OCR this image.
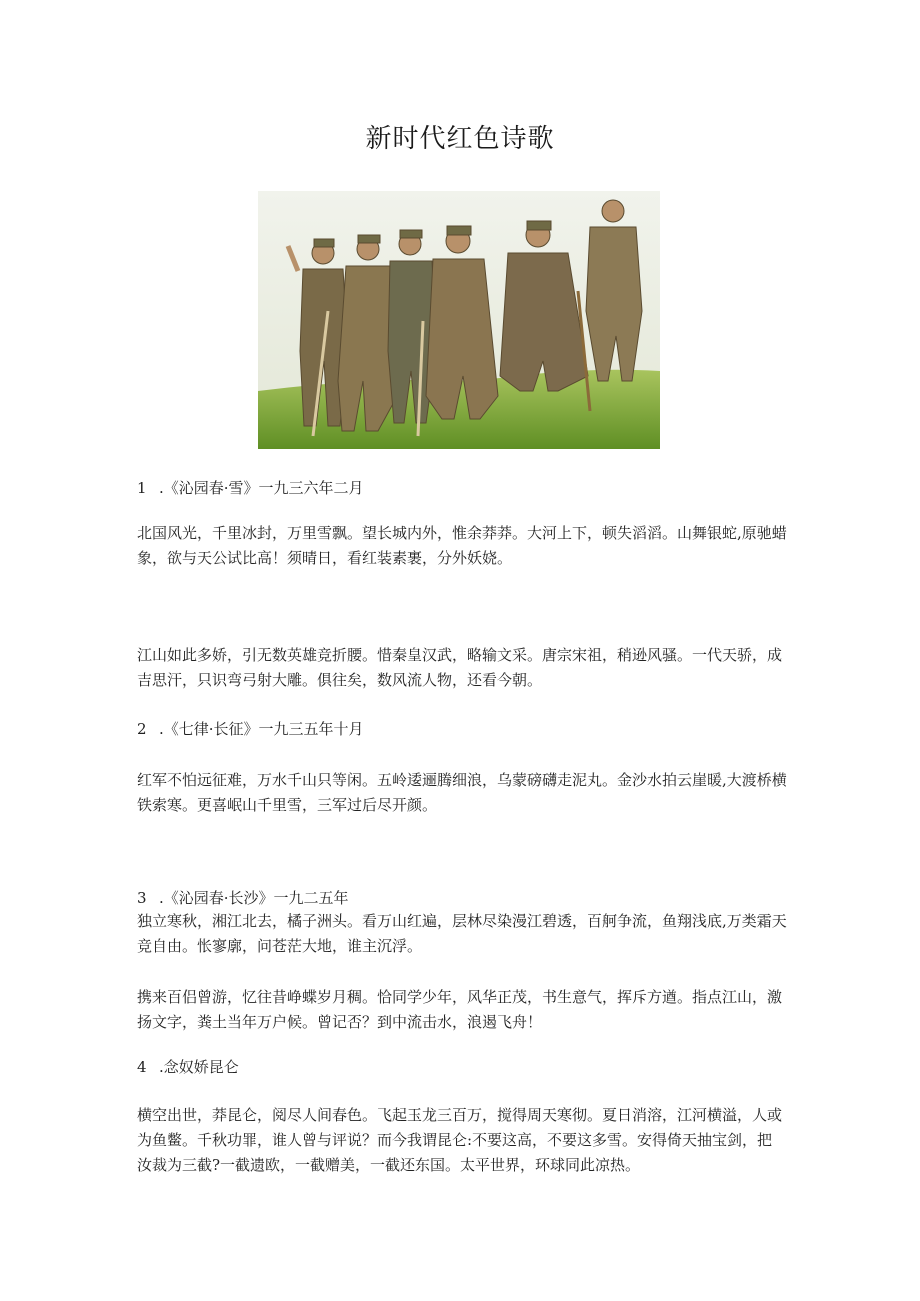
新时代红色诗歌
1 .《沁园春·雪》一九三六年二月

北国风光，千里冰封，万里雪飘。望长城内外，惟余莽莽。大河上下，顿失滔滔。山舞银蛇,原驰蜡象，欲与天公试比高！须晴日，看红装素裹，分外妖娆。

江山如此多娇，引无数英雄竞折腰。惜秦皇汉武，略输文采。唐宗宋祖，稍逊风骚。一代天骄，成吉思汗，只识弯弓射大雕。俱往矣，数风流人物，还看今朝。

2 .《七律·长征》一九三五年十月

红军不怕远征难，万水千山只等闲。五岭逶逦腾细浪，乌蒙磅礴走泥丸。金沙水拍云崖暖,大渡桥横铁索寒。更喜岷山千里雪，三军过后尽开颜。

3 .《沁园春·长沙》一九二五年

独立寒秋，湘江北去，橘子洲头。看万山红遍，层林尽染漫江碧透，百舸争流，鱼翔浅底,万类霜天竞自由。怅寥廓，问苍茫大地，谁主沉浮。

携来百侣曾游，忆往昔峥蝶岁月稠。恰同学少年，风华正茂，书生意气，挥斥方遒。指点江山，激扬文字，粪土当年万户候。曾记否？到中流击水，浪遏飞舟！

4 .念奴娇昆仑

横空出世，莽昆仑，阅尽人间春色。飞起玉龙三百万，搅得周天寒彻。夏日消溶，江河横溢，人或为鱼鳖。千秋功罪，谁人曾与评说？而今我谓昆仑:不要这高，不要这多雪。安得倚天抽宝剑，把汝裁为三截?一截遗欧，一截赠美，一截还东国。太平世界，环球同此凉热。
